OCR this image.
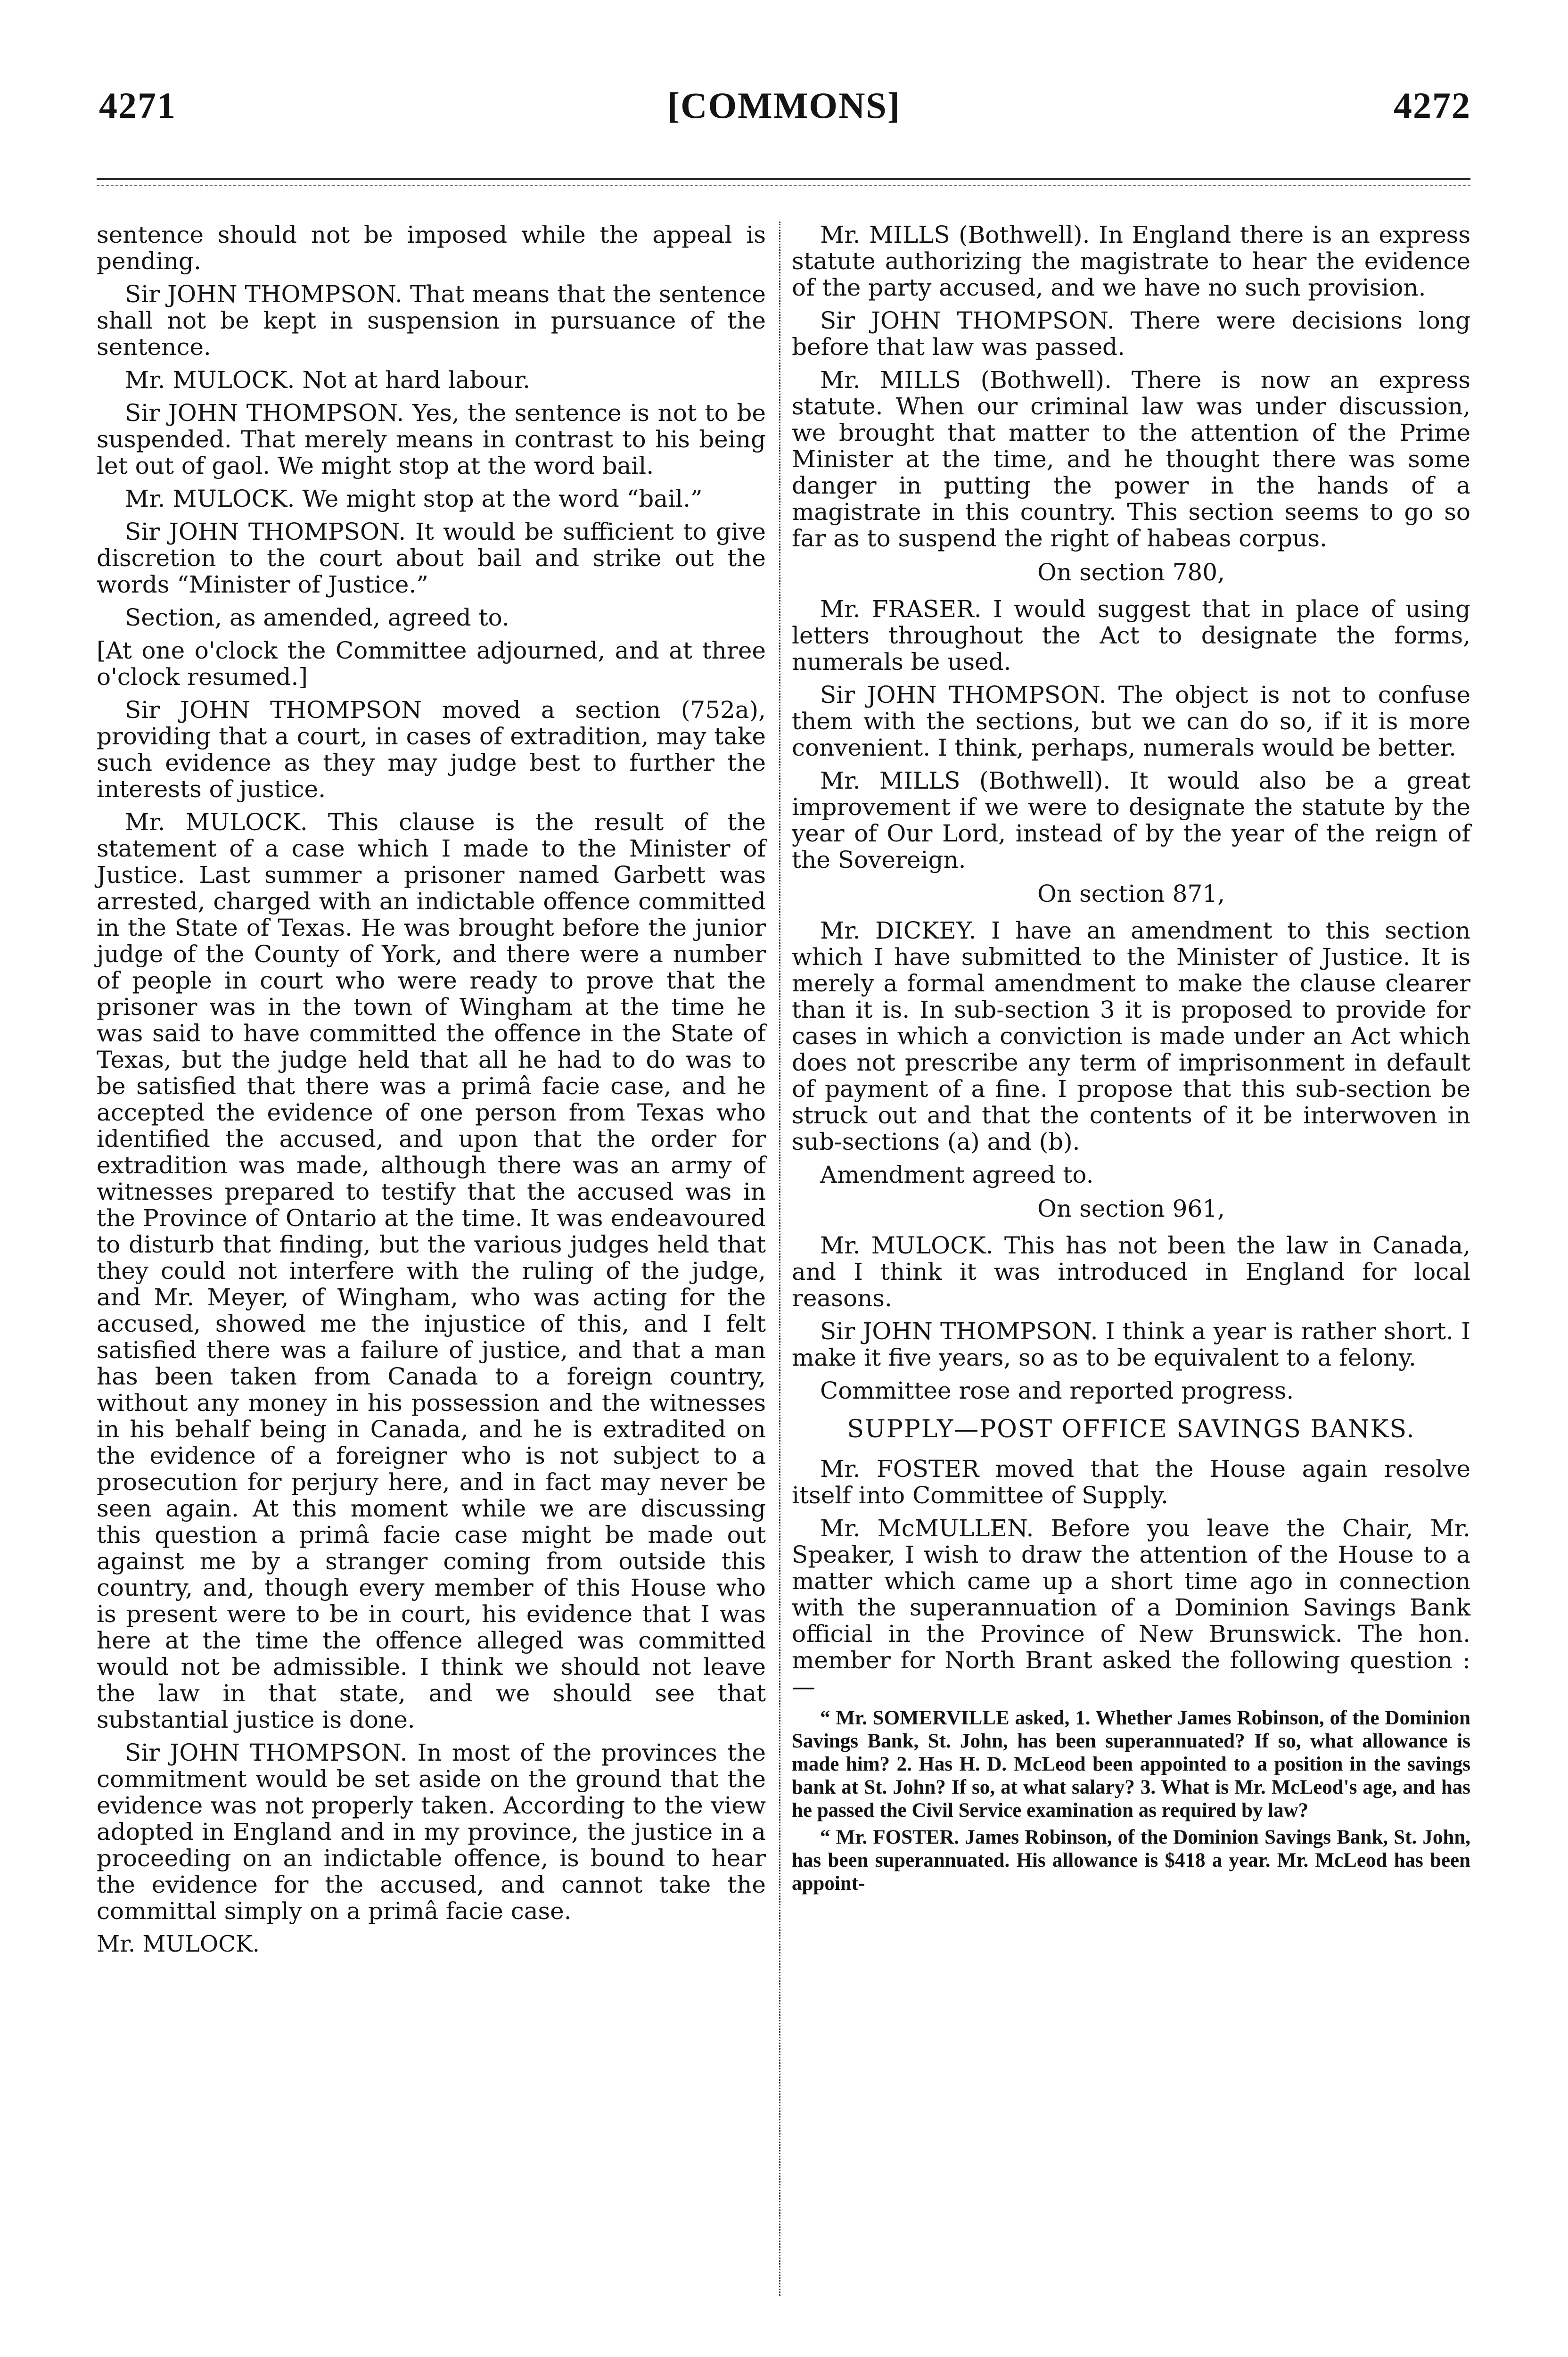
4271	[COMMONS]	4272

sentence should not be imposed while the appeal is pending.

Sir JOHN THOMPSON. That means that the sentence shall not be kept in suspension in pursuance of the sentence.

Mr. MULOCK. Not at hard labour.

Sir JOHN THOMPSON. Yes, the sentence is not to be suspended. That merely means in contrast to his being let out of gaol. We might stop at the word bail.

Mr. MULOCK. We might stop at the word “bail.”

Sir JOHN THOMPSON. It would be sufficient to give discretion to the court about bail and strike out the words “Minister of Justice.”

Section, as amended, agreed to.

[At one o'clock the Committee adjourned, and at three o'clock resumed.]

Sir JOHN THOMPSON moved a section (752a), providing that a court, in cases of extradition, may take such evidence as they may judge best to further the interests of justice.

Mr. MULOCK. This clause is the result of the statement of a case which I made to the Minister of Justice. Last summer a prisoner named Garbett was arrested, charged with an indictable offence committed in the State of Texas. He was brought before the junior judge of the County of York, and there were a number of people in court who were ready to prove that the prisoner was in the town of Wingham at the time he was said to have committed the offence in the State of Texas, but the judge held that all he had to do was to be satisfied that there was a primâ facie case, and he accepted the evidence of one person from Texas who identified the accused, and upon that the order for extradition was made, although there was an army of witnesses prepared to testify that the accused was in the Province of Ontario at the time. It was endeavoured to disturb that finding, but the various judges held that they could not interfere with the ruling of the judge, and Mr. Meyer, of Wingham, who was acting for the accused, showed me the injustice of this, and I felt satisfied there was a failure of justice, and that a man has been taken from Canada to a foreign country, without any money in his possession and the witnesses in his behalf being in Canada, and he is extradited on the evidence of a foreigner who is not subject to a prosecution for perjury here, and in fact may never be seen again. At this moment while we are discussing this question a primâ facie case might be made out against me by a stranger coming from outside this country, and, though every member of this House who is present were to be in court, his evidence that I was here at the time the offence alleged was committed would not be admissible. I think we should not leave the law in that state, and we should see that substantial justice is done.

Sir JOHN THOMPSON. In most of the provinces the commitment would be set aside on the ground that the evidence was not properly taken. According to the view adopted in England and in my province, the justice in a proceeding on an indictable offence, is bound to hear the evidence for the accused, and cannot take the committal simply on a primâ facie case.

Mr. MULOCK.

Mr. MILLS (Bothwell). In England there is an express statute authorizing the magistrate to hear the evidence of the party accused, and we have no such provision.

Sir JOHN THOMPSON. There were decisions long before that law was passed.

Mr. MILLS (Bothwell). There is now an express statute. When our criminal law was under discussion, we brought that matter to the attention of the Prime Minister at the time, and he thought there was some danger in putting the power in the hands of a magistrate in this country. This section seems to go so far as to suspend the right of habeas corpus.

On section 780,

Mr. FRASER. I would suggest that in place of using letters throughout the Act to designate the forms, numerals be used.

Sir JOHN THOMPSON. The object is not to confuse them with the sections, but we can do so, if it is more convenient. I think, perhaps, numerals would be better.

Mr. MILLS (Bothwell). It would also be a great improvement if we were to designate the statute by the year of Our Lord, instead of by the year of the reign of the Sovereign.

On section 871,

Mr. DICKEY. I have an amendment to this section which I have submitted to the Minister of Justice. It is merely a formal amendment to make the clause clearer than it is. In sub-section 3 it is proposed to provide for cases in which a conviction is made under an Act which does not prescribe any term of imprisonment in default of payment of a fine. I propose that this sub-section be struck out and that the contents of it be interwoven in sub-sections (a) and (b).

Amendment agreed to.

On section 961,

Mr. MULOCK. This has not been the law in Canada, and I think it was introduced in England for local reasons.

Sir JOHN THOMPSON. I think a year is rather short. I make it five years, so as to be equivalent to a felony.

Committee rose and reported progress.

SUPPLY—POST OFFICE SAVINGS BANKS.

Mr. FOSTER moved that the House again resolve itself into Committee of Supply.

Mr. McMULLEN. Before you leave the Chair, Mr. Speaker, I wish to draw the attention of the House to a matter which came up a short time ago in connection with the superannuation of a Dominion Savings Bank official in the Province of New Brunswick. The hon. member for North Brant asked the following question :—

“ Mr. SOMERVILLE asked, 1. Whether James Robinson, of the Dominion Savings Bank, St. John, has been superannuated? If so, what allowance is made him? 2. Has H. D. McLeod been appointed to a position in the savings bank at St. John? If so, at what salary? 3. What is Mr. McLeod's age, and has he passed the Civil Service examination as required by law?

“ Mr. FOSTER. James Robinson, of the Dominion Savings Bank, St. John, has been superannuated. His allowance is $418 a year. Mr. McLeod has been appoint-
